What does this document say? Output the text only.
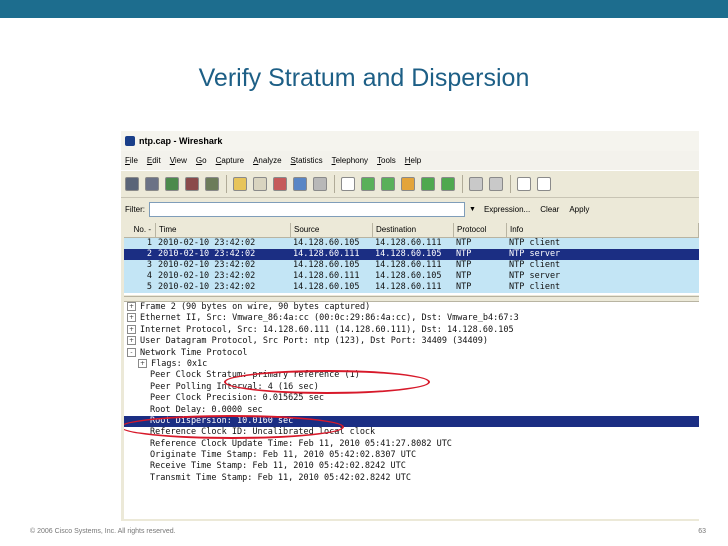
Verify Stratum and Dispersion
ntp.cap - Wireshark
File Edit View Go Capture Analyze Statistics Telephony Tools Help
Filter:	▼ Expression... Clear Apply
No. -	Time	Source	Destination	Protocol	Info
1 2010-02-10 23:42:02	14.128.60.105	14.128.60.111	NTP	NTP client
2 2010-02-10 23:42:02	14.128.60.111	14.128.60.105	NTP	NTP server
3 2010-02-10 23:42:02	14.128.60.105	14.128.60.111	NTP	NTP client
4 2010-02-10 23:42:02	14.128.60.111	14.128.60.105	NTP	NTP server
5 2010-02-10 23:42:02	14.128.60.105	14.128.60.111	NTP	NTP client
+ Frame 2 (90 bytes on wire, 90 bytes captured)
+ Ethernet II, Src: Vmware_86:4a:cc (00:0c:29:86:4a:cc), Dst: Vmware_b4:67:3
+ Internet Protocol, Src: 14.128.60.111 (14.128.60.111), Dst: 14.128.60.105
+ User Datagram Protocol, Src Port: ntp (123), Dst Port: 34409 (34409)
- Network Time Protocol
+ Flags: 0x1c
Peer Clock Stratum: primary reference (1)
Peer Polling Interval: 4 (16 sec)
Peer Clock Precision: 0.015625 sec
Root Delay: 0.0000 sec
Root Dispersion: 10.0160 sec
Reference Clock ID: Uncalibrated local clock
Reference Clock Update Time: Feb 11, 2010 05:41:27.8082 UTC
Originate Time Stamp: Feb 11, 2010 05:42:02.8307 UTC
Receive Time Stamp: Feb 11, 2010 05:42:02.8242 UTC
Transmit Time Stamp: Feb 11, 2010 05:42:02.8242 UTC
© 2006 Cisco Systems, Inc. All rights reserved.	63
